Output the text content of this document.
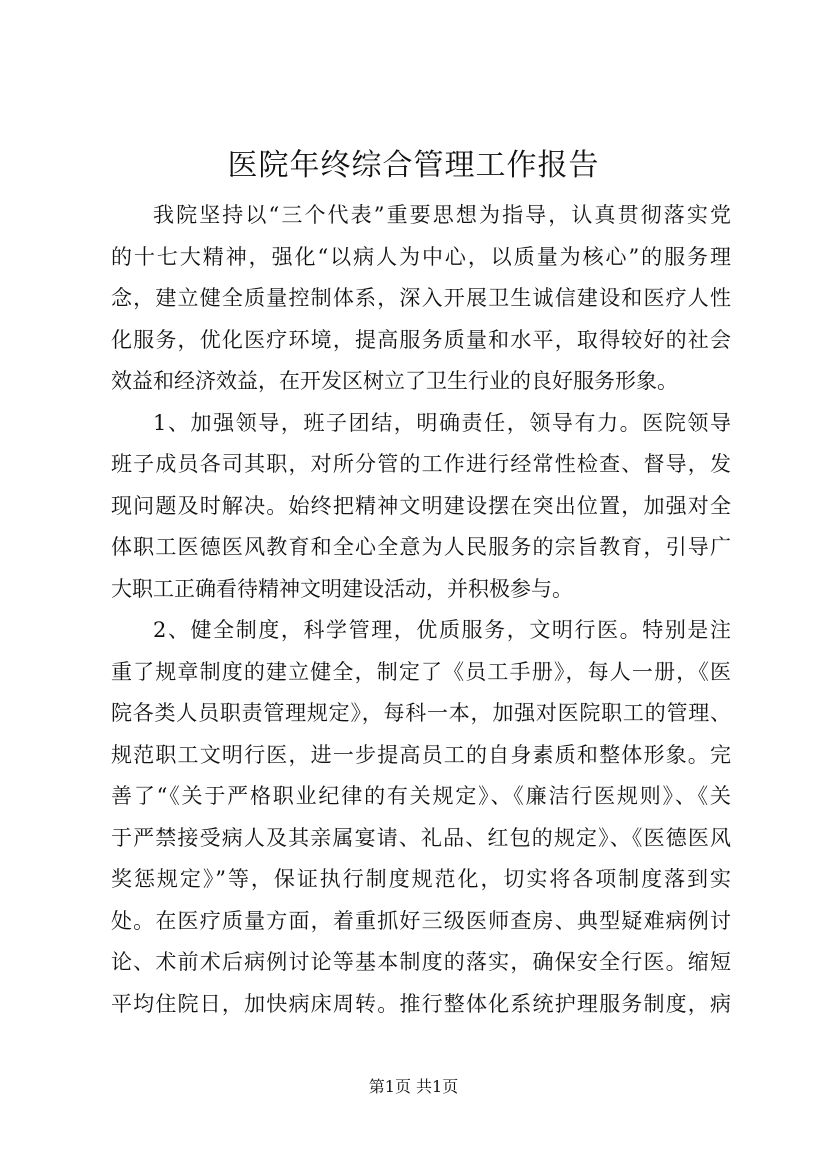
医院年终综合管理工作报告
我院坚持以“三个代表”重要思想为指导，认真贯彻落实党
的十七大精神，强化“以病人为中心，以质量为核心”的服务理
念，建立健全质量控制体系，深入开展卫生诚信建设和医疗人性
化服务，优化医疗环境，提高服务质量和水平，取得较好的社会
效益和经济效益，在开发区树立了卫生行业的良好服务形象。
1、加强领导，班子团结，明确责任，领导有力。医院领导
班子成员各司其职，对所分管的工作进行经常性检查、督导，发
现问题及时解决。始终把精神文明建设摆在突出位置，加强对全
体职工医德医风教育和全心全意为人民服务的宗旨教育，引导广
大职工正确看待精神文明建设活动，并积极参与。
2、健全制度，科学管理，优质服务，文明行医。特别是注
重了规章制度的建立健全，制定了《员工手册》，每人一册，《医
院各类人员职责管理规定》，每科一本，加强对医院职工的管理、
规范职工文明行医，进一步提高员工的自身素质和整体形象。完
善了“《关于严格职业纪律的有关规定》、《廉洁行医规则》、《关
于严禁接受病人及其亲属宴请、礼品、红包的规定》、《医德医风
奖惩规定》”等，保证执行制度规范化，切实将各项制度落到实
处。在医疗质量方面，着重抓好三级医师查房、典型疑难病例讨
论、术前术后病例讨论等基本制度的落实，确保安全行医。缩短
平均住院日，加快病床周转。推行整体化系统护理服务制度，病
第1页 共1页
